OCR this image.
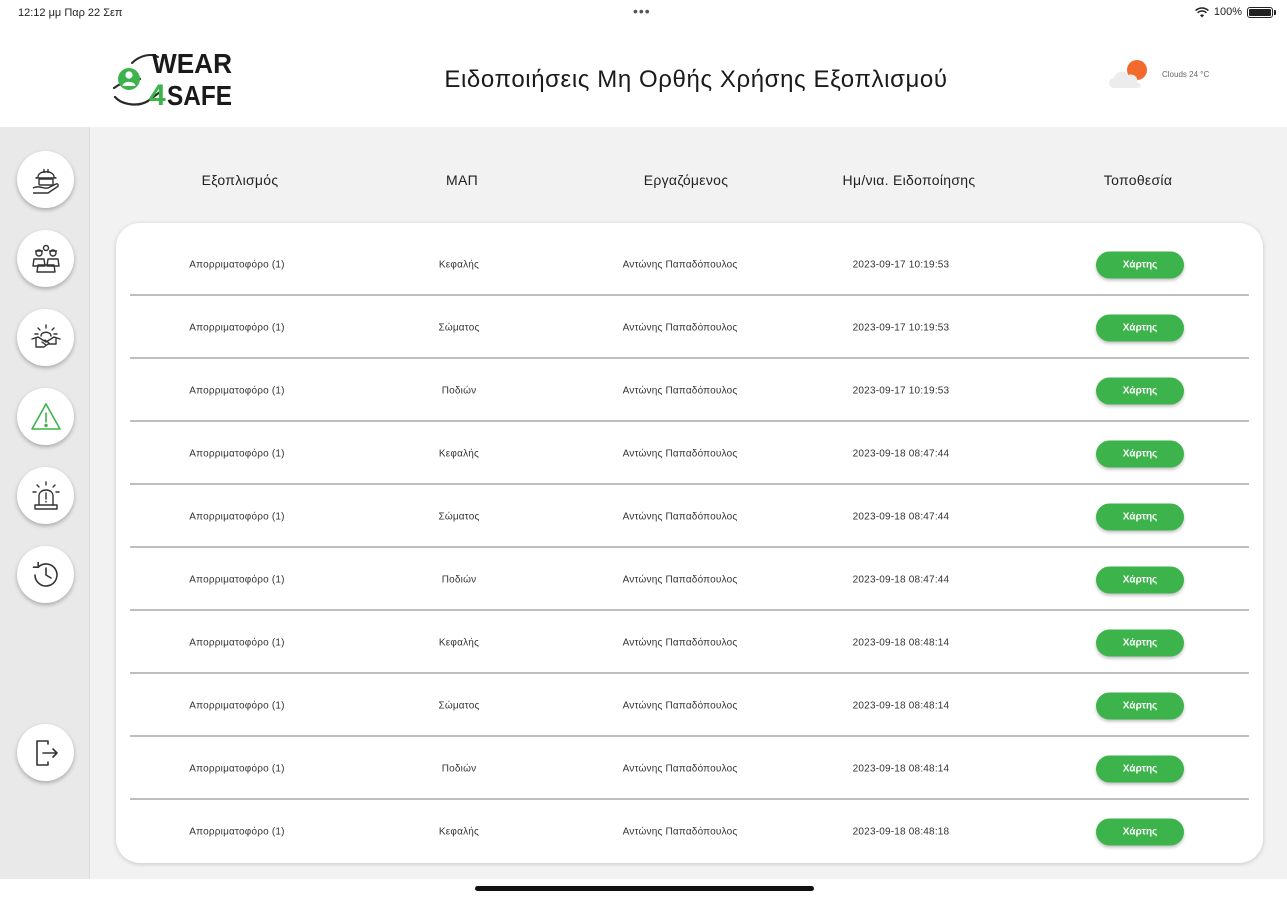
12:12 μμ Παρ 22 Σεπ	•••	100%
WEAR
4 SAFE
Ειδοποιήσεις Μη Ορθής Χρήσης Εξοπλισμού	Clouds 24 °C
Εξοπλισμός	ΜΑΠ	Εργαζόμενος	Ημ/νια. Ειδοποίησης	Τοποθεσία
Απορριματοφόρο (1)	Κεφαλής	Αντώνης Παπαδόπουλος	2023-09-17 10:19:53	Χάρτης
Απορριματοφόρο (1)	Σώματος	Αντώνης Παπαδόπουλος	2023-09-17 10:19:53	Χάρτης
Απορριματοφόρο (1)	Ποδιών	Αντώνης Παπαδόπουλος	2023-09-17 10:19:53	Χάρτης
Απορριματοφόρο (1)	Κεφαλής	Αντώνης Παπαδόπουλος	2023-09-18 08:47:44	Χάρτης
Απορριματοφόρο (1)	Σώματος	Αντώνης Παπαδόπουλος	2023-09-18 08:47:44	Χάρτης
Απορριματοφόρο (1)	Ποδιών	Αντώνης Παπαδόπουλος	2023-09-18 08:47:44	Χάρτης
Απορριματοφόρο (1)	Κεφαλής	Αντώνης Παπαδόπουλος	2023-09-18 08:48:14	Χάρτης
Απορριματοφόρο (1)	Σώματος	Αντώνης Παπαδόπουλος	2023-09-18 08:48:14	Χάρτης
Απορριματοφόρο (1)	Ποδιών	Αντώνης Παπαδόπουλος	2023-09-18 08:48:14	Χάρτης
Απορριματοφόρο (1)	Κεφαλής	Αντώνης Παπαδόπουλος	2023-09-18 08:48:18	Χάρτης
